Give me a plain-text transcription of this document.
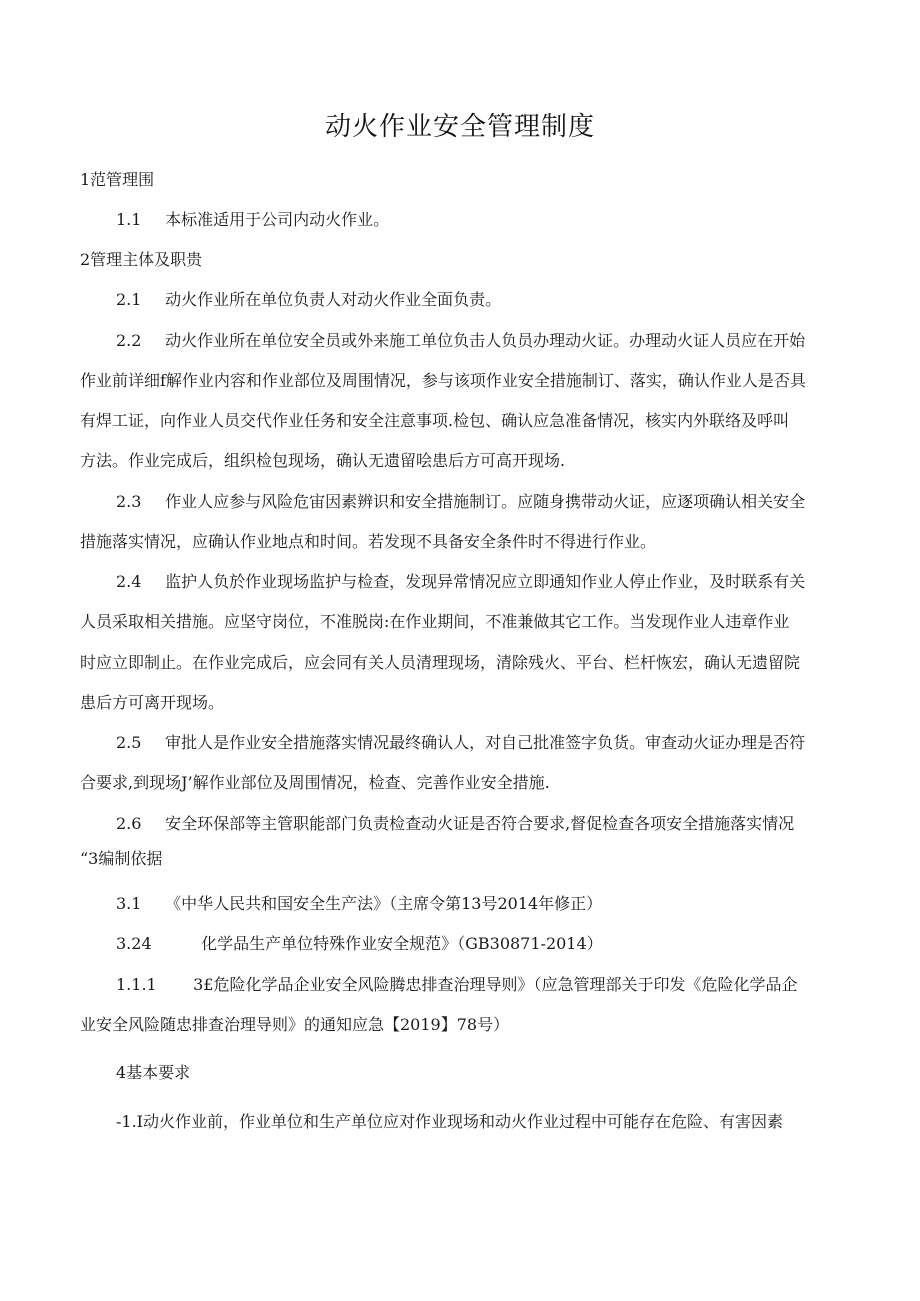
动火作业安全管理制度
1范管理围
1.1 本标准适用于公司内动火作业。
2管理主体及职贵
2.1 动火作业所在单位负责人对动火作业全面负责。
2.2 动火作业所在单位安全员或外来施工单位负击人负员办理动火证。办理动火证人员应在开始
作业前详细f解作业内容和作业部位及周围情况，参与该项作业安全措施制订、落实，确认作业人是否具
有焊工证，向作业人员交代作业任务和安全注意事项.检包、确认应急准备情况，核实内外联络及呼叫
方法。作业完成后，组织检包现场，确认无遗留哙患后方可高开现场.
2.3 作业人应参与风险危宙因素辨识和安全措施制订。应随身携带动火证，应逐项确认相关安全
措施落实情况，应确认作业地点和时间。若发现不具备安全条件时不得进行作业。
2.4 监护人负於作业现场监护与检查，发现异常情况应立即通知作业人停止作业，及时联系有关
人员采取相关措施。应坚守岗位，不准脱岗:在作业期间，不准兼做其它工作。当发现作业人违章作业
时应立即制止。在作业完成后，应会同有关人员清理现场，清除残火、平台、栏杆恢宏，确认无遗留院
患后方可离开现场。
2.5 审批人是作业安全措施落实情况最终确认人，对自己批准签字负货。审查动火证办理是否符
合要求,到现场J’解作业部位及周围情况，检查、完善作业安全措施.
2.6 安全环保部等主管职能部门负责检查动火证是否符合要求,督促检查各项安全措施落实情况
“3编制依据
3.1 《中华人民共和国安全生产法》（主席令第13号2014年修正）
3.24	化学品生产单位特殊作业安全规范》（GB30871-2014）
1.1.1 3£危险化学品企业安全风险腾忠排查治理导则》（应急管理部关于印发《危险化学品企
业安全风险随忠排查治理导则》的通知应急【2019】78号）
4基本要求
-1.I动火作业前，作业单位和生产单位应对作业现场和动火作业过程中可能存在危险、有害因素
